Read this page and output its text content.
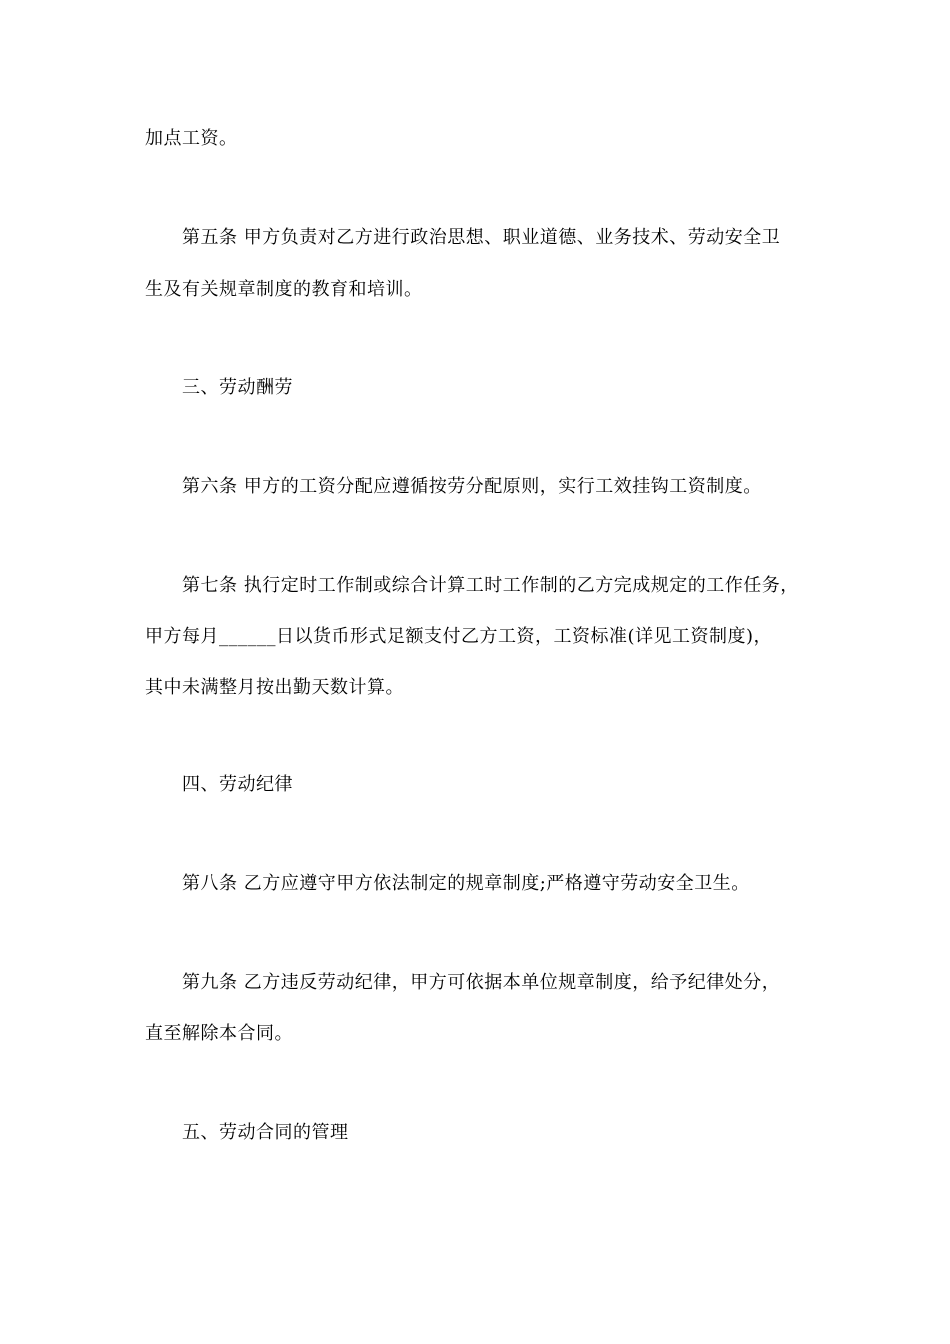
加点工资。
第五条 甲方负责对乙方进行政治思想、职业道德、业务技术、劳动安全卫
生及有关规章制度的教育和培训。
三、劳动酬劳
第六条 甲方的工资分配应遵循按劳分配原则，实行工效挂钩工资制度。
第七条 执行定时工作制或综合计算工时工作制的乙方完成规定的工作任务，
甲方每月______日以货币形式足额支付乙方工资，工资标准(详见工资制度)，
其中未满整月按出勤天数计算。
四、劳动纪律
第八条 乙方应遵守甲方依法制定的规章制度;严格遵守劳动安全卫生。
第九条 乙方违反劳动纪律，甲方可依据本单位规章制度，给予纪律处分，
直至解除本合同。
五、劳动合同的管理
